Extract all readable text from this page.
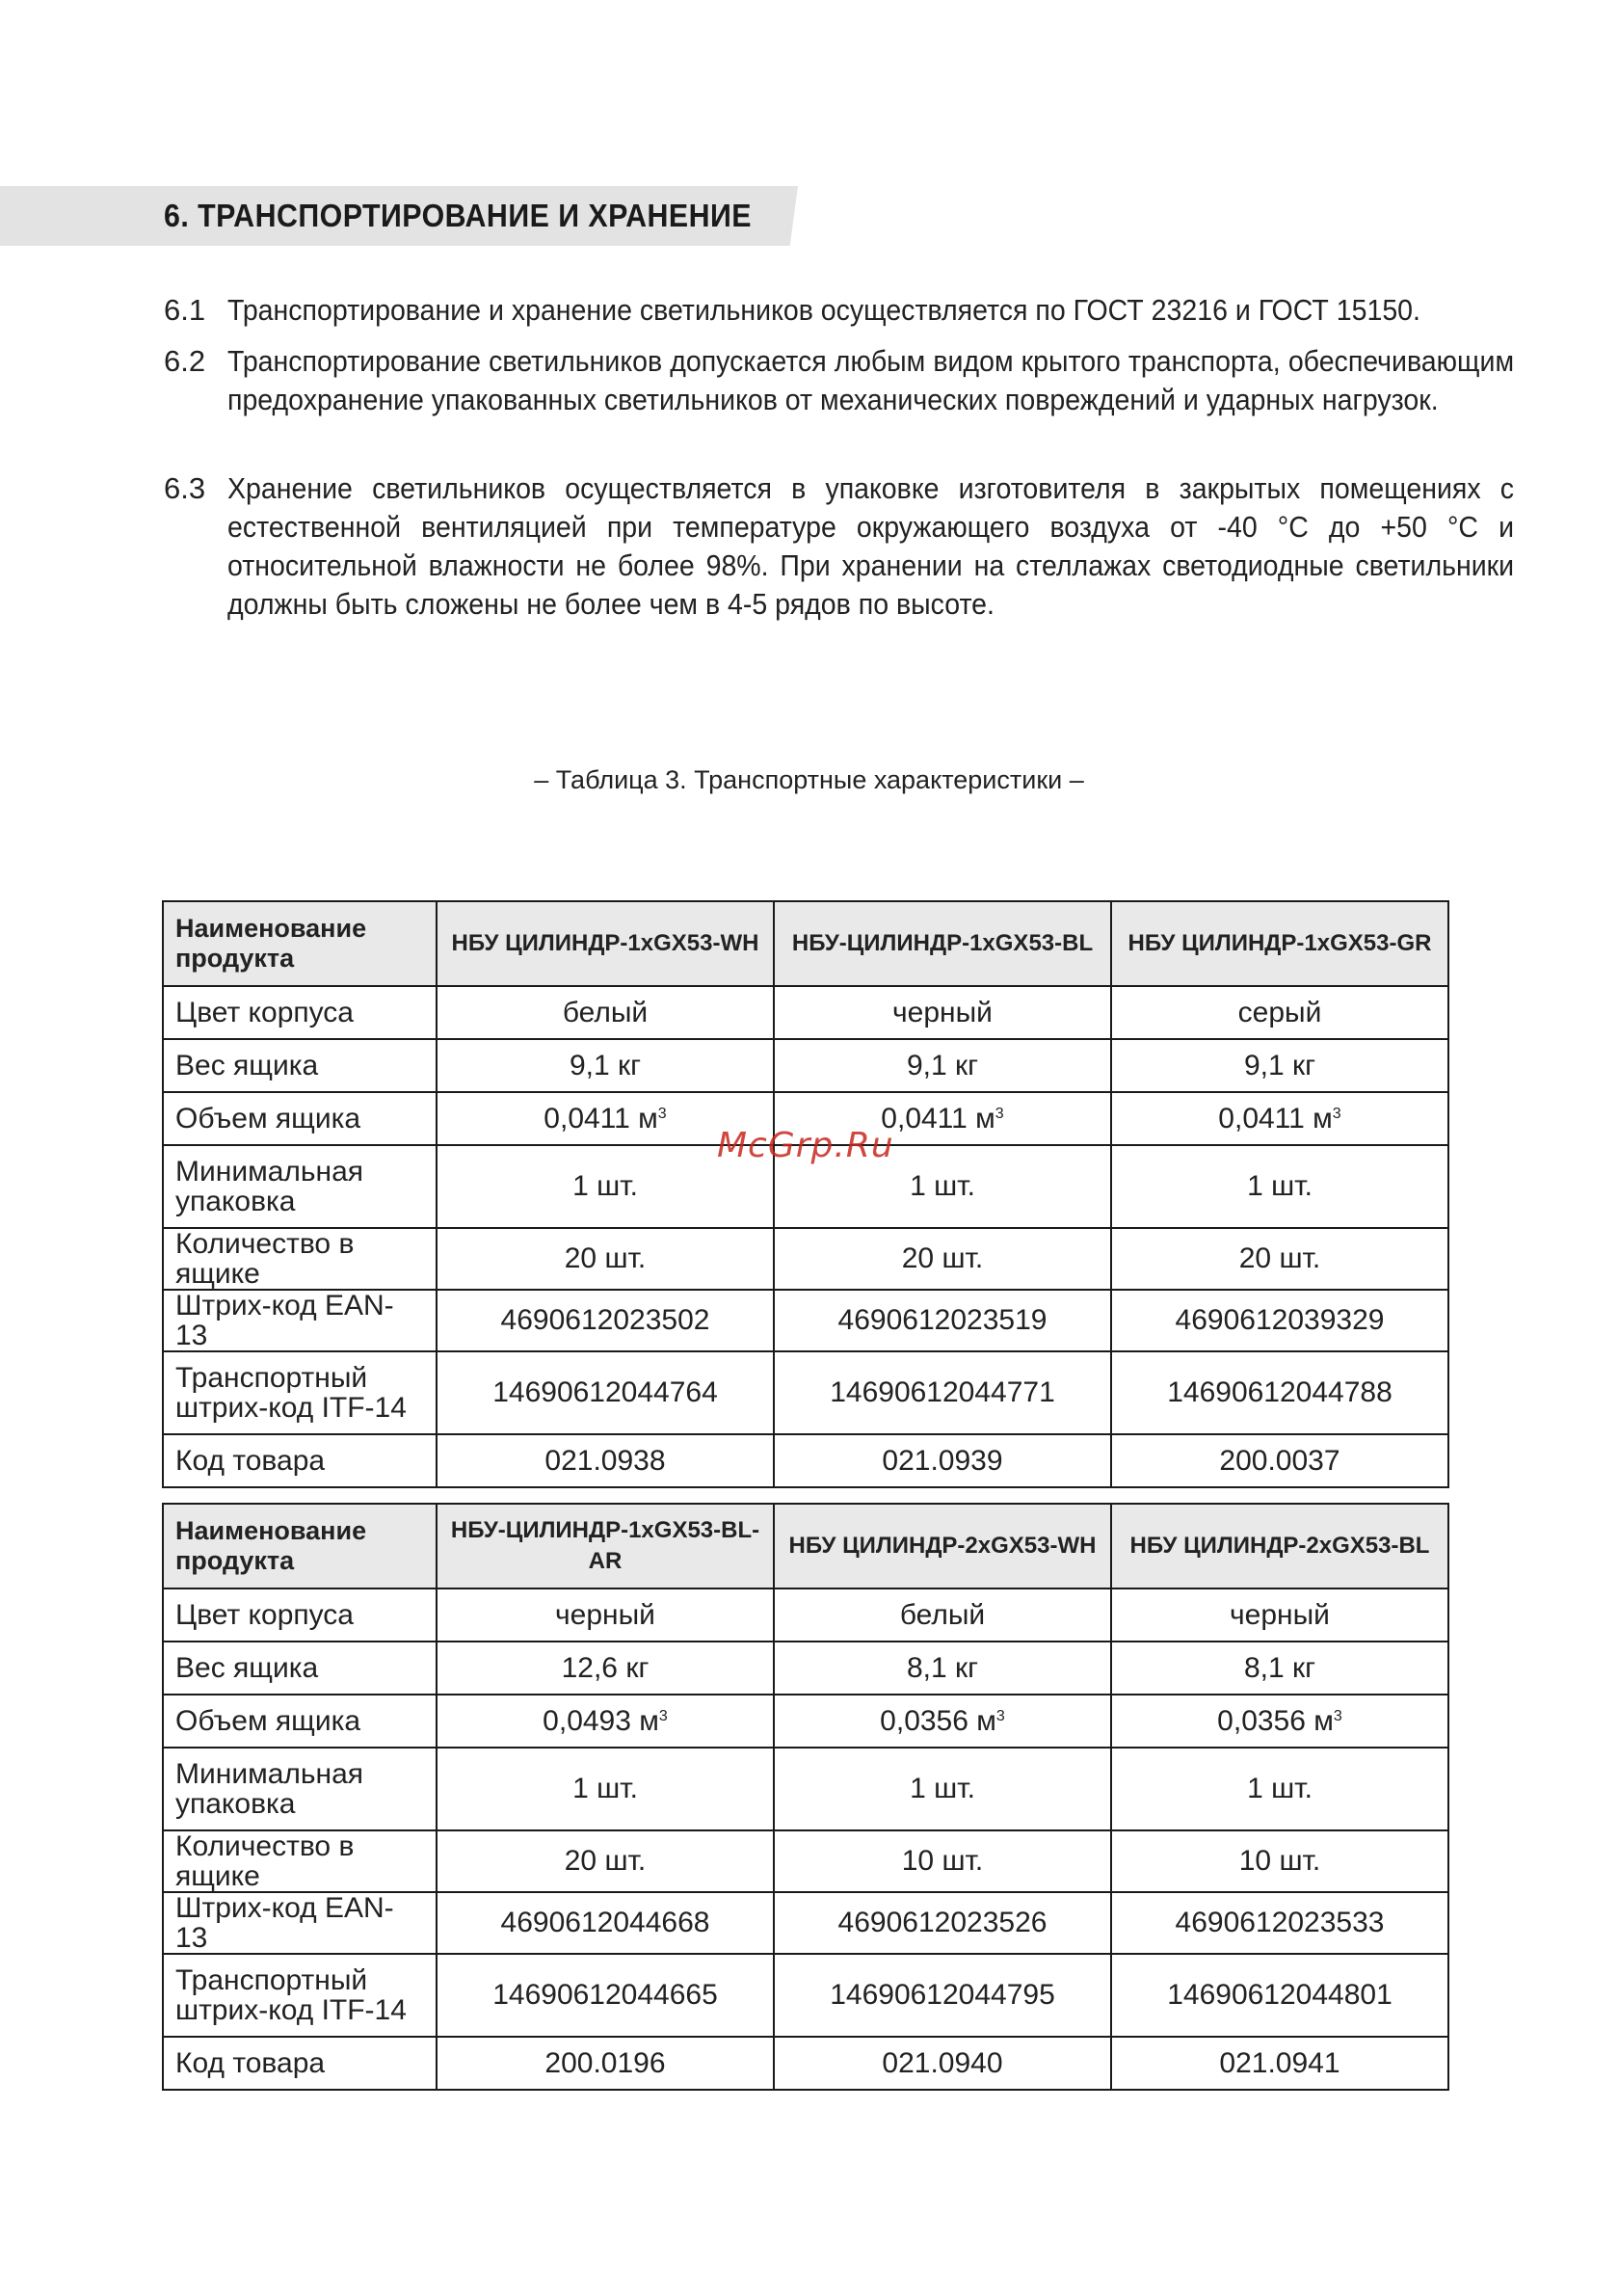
6. ТРАНСПОРТИРОВАНИЕ И ХРАНЕНИЕ
6.1 Транспортирование и хранение светильников осуществляется по ГОСТ 23216 и ГОСТ 15150.
6.2 Транспортирование светильников допускается любым видом крытого транспорта, обеспечивающим предохранение упакованных светильников от механических повреждений и ударных нагрузок.
6.3 Хранение светильников осуществляется в упаковке изготовителя в закрытых помещениях с естественной вентиляцией при температуре окружающего воздуха от -40 °С до +50 °С и относительной влажности не более 98%. При хранении на стеллажах светодиодные светильники должны быть сложены не более чем в 4-5 рядов по высоте.
– Таблица 3. Транспортные характеристики –
Наименование продукта	НБУ ЦИЛИНДР-1хGX53-WH	НБУ-ЦИЛИНДР-1хGX53-BL	НБУ ЦИЛИНДР-1хGX53-GR
Цвет корпуса	белый	черный	серый
Вес ящика	9,1 кг	9,1 кг	9,1 кг
Объем ящика	0,0411 $м^3$	0,0411 $м^3$	0,0411 $м^3$
Минимальная упаковка	1 шт.	1 шт.	1 шт.
Количество в ящике	20 шт.	20 шт.	20 шт.
Штрих-код EAN-13	4690612023502	4690612023519	4690612039329
Транспортный штрих-код ITF-14	14690612044764	14690612044771	14690612044788
Код товара	021.0938	021.0939	200.0037
Наименование продукта	НБУ-ЦИЛИНДР-1хGX53-BL-AR	НБУ ЦИЛИНДР-2хGX53-WH	НБУ ЦИЛИНДР-2хGX53-BL
Цвет корпуса	черный	белый	черный
Вес ящика	12,6 кг	8,1 кг	8,1 кг
Объем ящика	0,0493 $м^3$	0,0356 $м^3$	0,0356 $м^3$
Минимальная упаковка	1 шт.	1 шт.	1 шт.
Количество в ящике	20 шт.	10 шт.	10 шт.
Штрих-код EAN-13	4690612044668	4690612023526	4690612023533
Транспортный штрих-код ITF-14	14690612044665	14690612044795	14690612044801
Код товара	200.0196	021.0940	021.0941
McGrp.Ru
